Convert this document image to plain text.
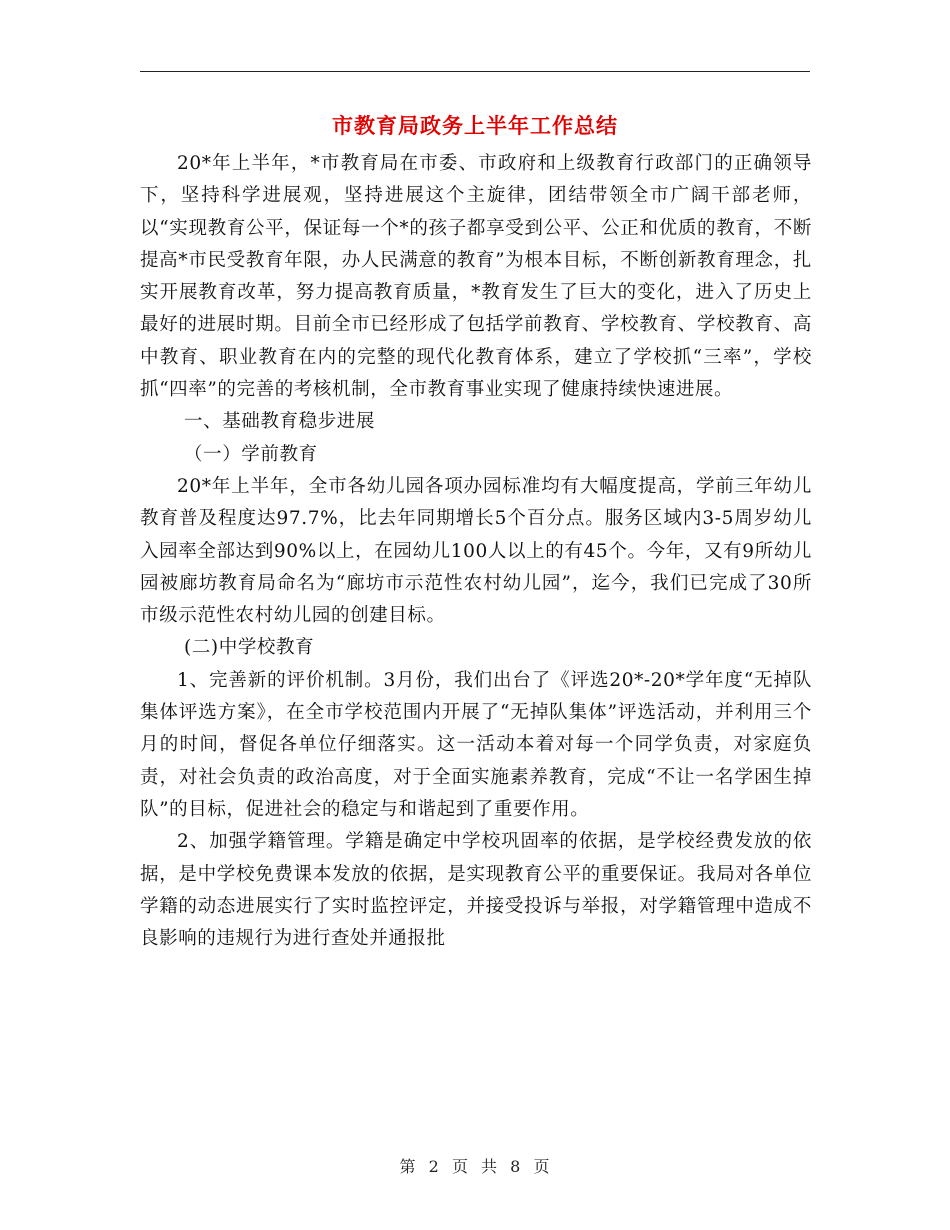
市教育局政务上半年工作总结

20*年上半年，*市教育局在市委、市政府和上级教育行政部门的正确领导下，坚持科学进展观，坚持进展这个主旋律，团结带领全市广阔干部老师，以“实现教育公平，保证每一个*的孩子都享受到公平、公正和优质的教育，不断提高*市民受教育年限，办人民满意的教育”为根本目标，不断创新教育理念，扎实开展教育改革，努力提高教育质量，*教育发生了巨大的变化，进入了历史上最好的进展时期。目前全市已经形成了包括学前教育、学校教育、学校教育、高中教育、职业教育在内的完整的现代化教育体系，建立了学校抓“三率”，学校抓“四率”的完善的考核机制，全市教育事业实现了健康持续快速进展。

一、基础教育稳步进展

（一）学前教育

20*年上半年，全市各幼儿园各项办园标准均有大幅度提高，学前三年幼儿教育普及程度达97.7%，比去年同期增长5个百分点。服务区域内3-5周岁幼儿入园率全部达到90%以上，在园幼儿100人以上的有45个。今年，又有9所幼儿园被廊坊教育局命名为“廊坊市示范性农村幼儿园”，迄今，我们已完成了30所市级示范性农村幼儿园的创建目标。

(二)中学校教育

1、完善新的评价机制。3月份，我们出台了《评选20*-20*学年度“无掉队集体评选方案》，在全市学校范围内开展了“无掉队集体”评选活动，并利用三个月的时间，督促各单位仔细落实。这一活动本着对每一个同学负责，对家庭负责，对社会负责的政治高度，对于全面实施素养教育，完成“不让一名学困生掉队”的目标，促进社会的稳定与和谐起到了重要作用。

2、加强学籍管理。学籍是确定中学校巩固率的依据，是学校经费发放的依据，是中学校免费课本发放的依据，是实现教育公平的重要保证。我局对各单位学籍的动态进展实行了实时监控评定，并接受投诉与举报，对学籍管理中造成不良影响的违规行为进行查处并通报批

第 2 页 共 8 页
